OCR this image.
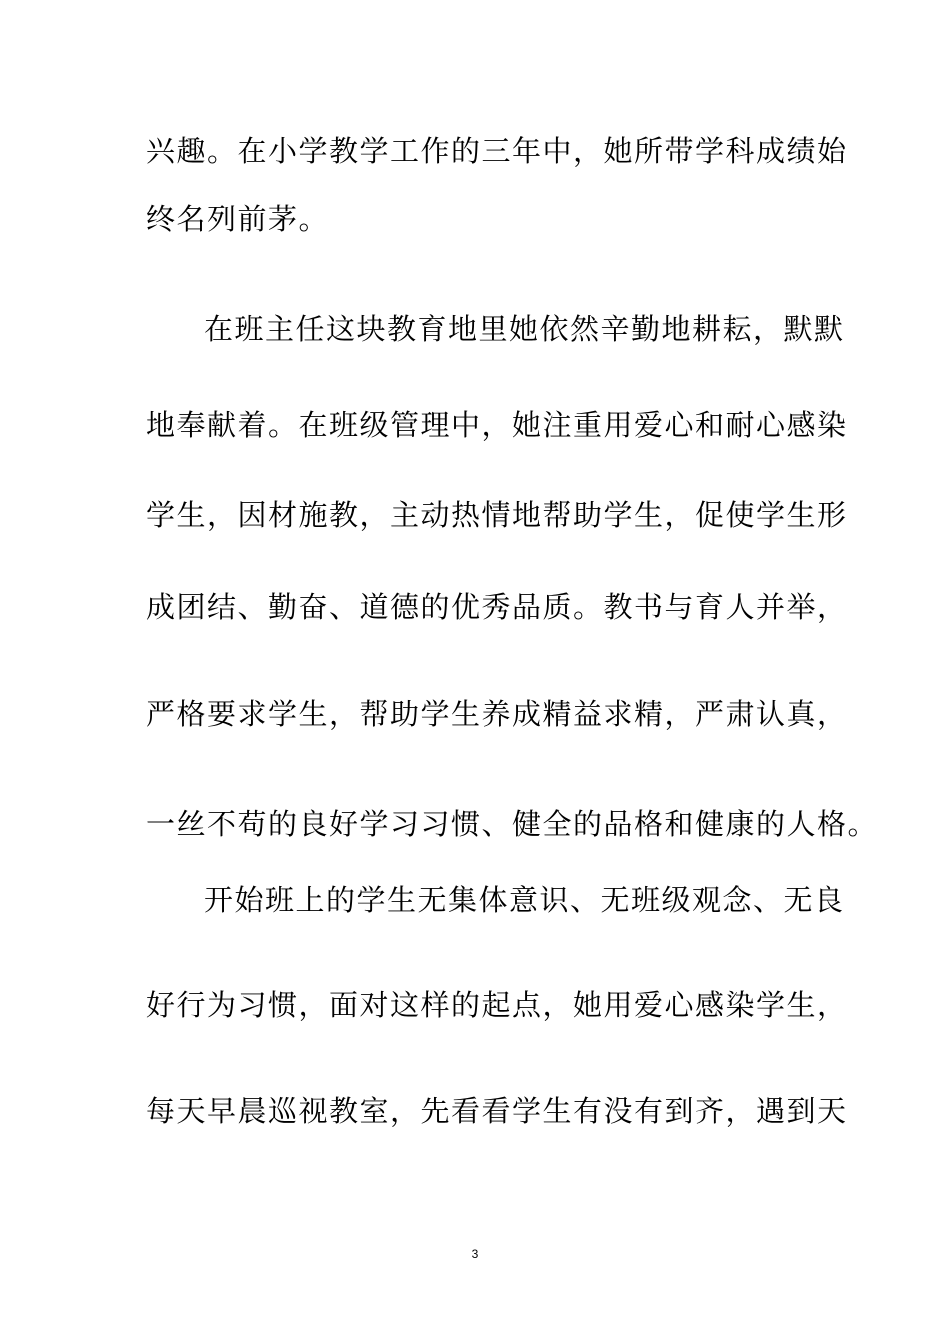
兴趣。在小学教学工作的三年中，她所带学科成绩始
终名列前茅。
在班主任这块教育地里她依然辛勤地耕耘，默默
地奉献着。在班级管理中，她注重用爱心和耐心感染
学生，因材施教，主动热情地帮助学生，促使学生形
成团结、勤奋、道德的优秀品质。教书与育人并举，
严格要求学生，帮助学生养成精益求精，严肃认真，
一丝不苟的良好学习习惯、健全的品格和健康的人格。
开始班上的学生无集体意识、无班级观念、无良
好行为习惯，面对这样的起点，她用爱心感染学生，
每天早晨巡视教室，先看看学生有没有到齐，遇到天
3
